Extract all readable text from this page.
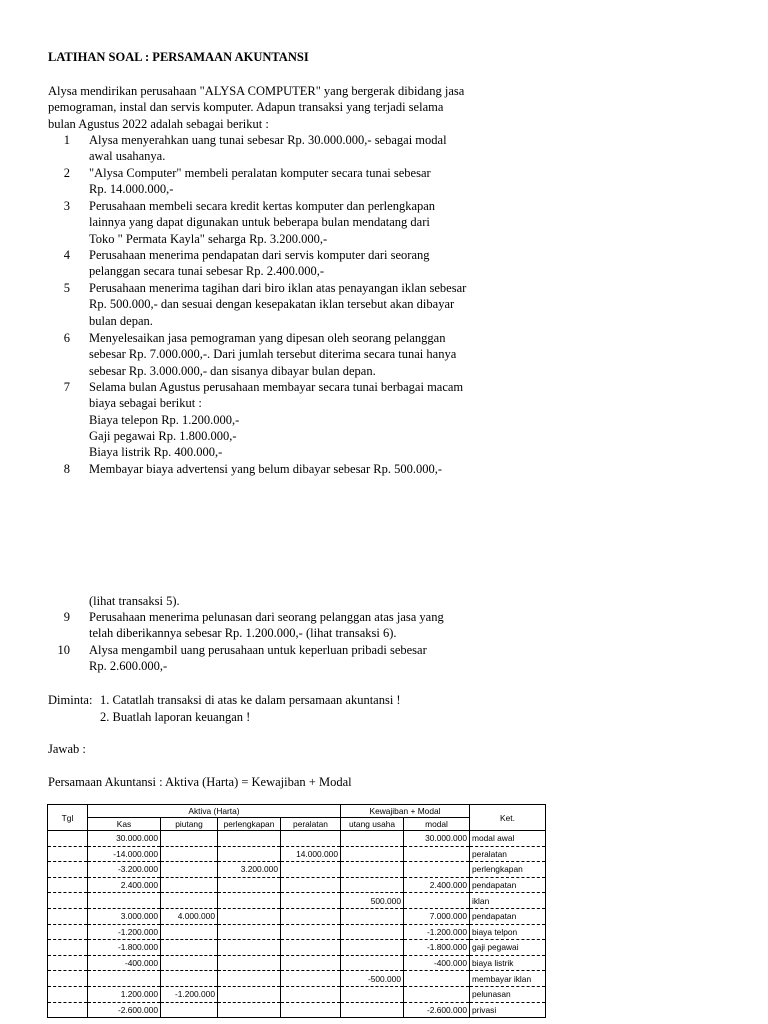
LATIHAN SOAL : PERSAMAAN AKUNTANSI

Alysa mendirikan perusahaan "ALYSA COMPUTER" yang bergerak dibidang jasa

pemograman, instal dan servis komputer. Adapun transaksi yang terjadi selama

bulan Agustus 2022 adalah sebagai berikut :

1 Alysa menyerahkan uang tunai sebesar Rp. 30.000.000,- sebagai modal
awal usahanya.
2 "Alysa Computer" membeli peralatan komputer secara tunai sebesar
Rp. 14.000.000,-
3 Perusahaan membeli secara kredit kertas komputer dan perlengkapan
lainnya yang dapat digunakan untuk beberapa bulan mendatang dari
Toko " Permata Kayla" seharga Rp. 3.200.000,-
4 Perusahaan menerima pendapatan dari servis komputer dari seorang
pelanggan secara tunai sebesar Rp. 2.400.000,-
5 Perusahaan menerima tagihan dari biro iklan atas penayangan iklan sebesar
Rp. 500.000,- dan sesuai dengan kesepakatan iklan tersebut akan dibayar
bulan depan.
6 Menyelesaikan jasa pemograman yang dipesan oleh seorang pelanggan
sebesar Rp. 7.000.000,-. Dari jumlah tersebut diterima secara tunai hanya
sebesar Rp. 3.000.000,- dan sisanya dibayar bulan depan.
7 Selama bulan Agustus perusahaan membayar secara tunai berbagai macam
biaya sebagai berikut :
Biaya telepon Rp. 1.200.000,-
Gaji pegawai Rp. 1.800.000,-
Biaya listrik Rp. 400.000,-
8 Membayar biaya advertensi yang belum dibayar sebesar Rp. 500.000,-
(lihat transaksi 5).
9 Perusahaan menerima pelunasan dari seorang pelanggan atas jasa yang
telah diberikannya sebesar Rp. 1.200.000,- (lihat transaksi 6).
10 Alysa mengambil uang perusahaan untuk keperluan pribadi sebesar
Rp. 2.600.000,-
Diminta: 1. Catatlah transaksi di atas ke dalam persamaan akuntansi !
2. Buatlah laporan keuangan !
Jawab :
Persamaan Akuntansi : Aktiva (Harta) = Kewajiban + Modal
Tgl	Aktiva (Harta)				Kewajiban + Modal		Ket.
	Kas	piutang	perlengkapan	peralatan	utang usaha	modal	
	30.000.000					30.000.000	modal awal
	-14.000.000			14.000.000			peralatan
	-3.200.000		3.200.000				perlengkapan
	2.400.000					2.400.000	pendapatan
					500.000		iklan
	3.000.000	4.000.000				7.000.000	pendapatan
	-1.200.000					-1.200.000	biaya telpon
	-1.800.000					-1.800.000	gaji pegawai
	-400.000					-400.000	biaya listrik
					-500.000		membayar iklan
	1.200.000	-1.200.000					pelunasan
	-2.600.000					-2.600.000	privasi
